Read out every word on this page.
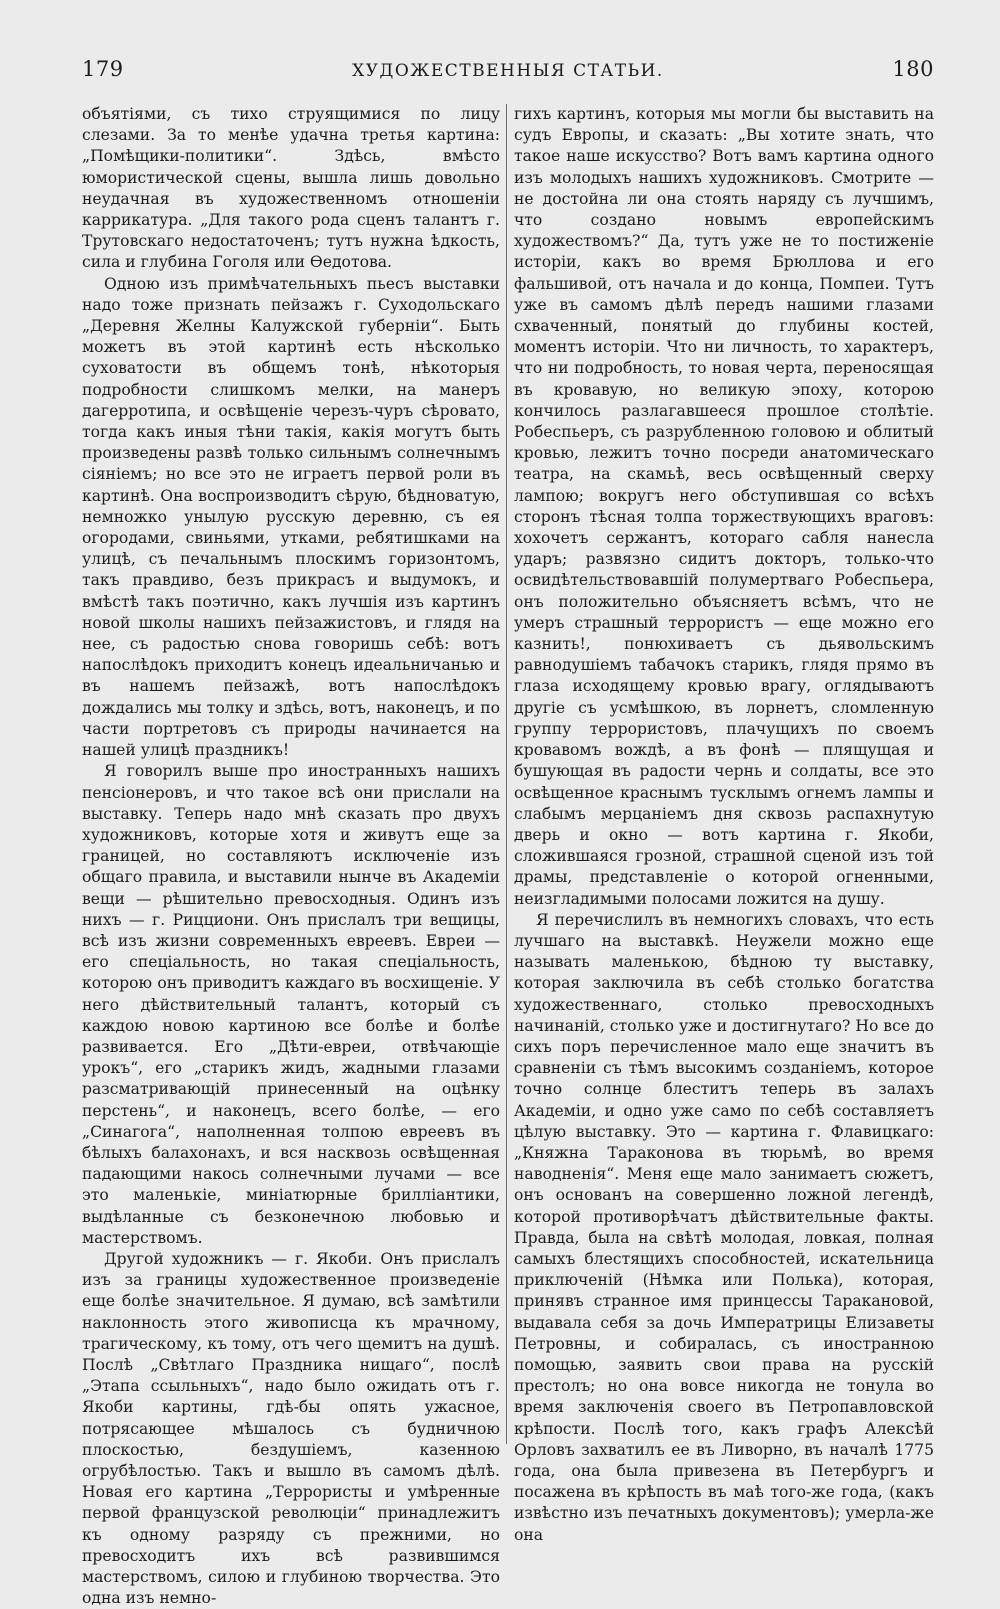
179	ХУДОЖЕСТВЕННЫЯ СТАТЬИ.	180

объятіями, съ тихо струящимися по лицу слезами. За то менѣе удачна третья картина: „Помѣщики-политики“. Здѣсь, вмѣсто юмористической сцены, вышла лишь довольно неудачная въ художественномъ отношеніи каррикатура. „Для такого рода сценъ талантъ г. Трутовскаго недостаточенъ; тутъ нужна ѣдкость, сила и глубина Гоголя или Ѳедотова.

Одною изъ примѣчательныхъ пьесъ выставки надо тоже признать пейзажъ г. Суходольскаго „Деревня Желны Калужской губерніи“. Быть можетъ въ этой картинѣ есть нѣсколько суховатости въ общемъ тонѣ, нѣкоторыя подробности слишкомъ мелки, на манеръ дагерротипа, и освѣщеніе черезъ-чуръ сѣровато, тогда какъ иныя тѣни такія, какія могутъ быть произведены развѣ только сильнымъ солнечнымъ сіяніемъ; но все это не играетъ первой роли въ картинѣ. Она воспроизводитъ сѣрую, бѣдноватую, немножко унылую русскую деревню, съ ея огородами, свиньями, утками, ребятишками на улицѣ, съ печальнымъ плоскимъ горизонтомъ, такъ правдиво, безъ прикрасъ и выдумокъ, и вмѣстѣ такъ поэтично, какъ лучшія изъ картинъ новой школы нашихъ пейзажистовъ, и глядя на нее, съ радостью снова говоришь себѣ: вотъ напослѣдокъ приходитъ конецъ идеальничанью и въ нашемъ пейзажѣ, вотъ напослѣдокъ дождались мы толку и здѣсь, вотъ, наконецъ, и по части портретовъ съ природы начинается на нашей улицѣ праздникъ!

Я говорилъ выше про иностранныхъ нашихъ пенсіонеровъ, и что такое всѣ они прислали на выставку. Теперь надо мнѣ сказать про двухъ художниковъ, которые хотя и живутъ еще за границей, но составляютъ исключеніе изъ общаго правила, и выставили нынче въ Академіи вещи — рѣшительно превосходныя. Одинъ изъ нихъ — г. Рицциони. Онъ прислалъ три вещицы, всѣ изъ жизни современныхъ евреевъ. Евреи — его спеціальность, но такая спеціальность, которою онъ приводитъ каждаго въ восхищеніе. У него дѣйствительный талантъ, который съ каждою новою картиною все болѣе и болѣе развивается. Его „Дѣти-евреи, отвѣчающіе урокъ“, его „старикъ жидъ, жадными глазами разсматривающій принесенный на оцѣнку перстень“, и наконецъ, всего болѣе, — его „Синагога“, наполненная толпою евреевъ въ бѣлыхъ балахонахъ, и вся насквозь освѣщенная падающими накось солнечными лучами — все это маленькіе, миніатюрные брилліантики, выдѣланные съ безконечною любовью и мастерствомъ.

Другой художникъ — г. Якоби. Онъ прислалъ изъ за границы художественное произведеніе еще болѣе значительное. Я думаю, всѣ замѣтили наклонность этого живописца къ мрачному, трагическому, къ тому, отъ чего щемитъ на душѣ. Послѣ „Свѣтлаго Праздника нищаго“, послѣ „Этапа ссыльныхъ“, надо было ожидать отъ г. Якоби картины, гдѣ-бы опять ужасное, потрясающее мѣшалось съ будничною плоскостью, бездушіемъ, казенною огрубѣлостью. Такъ и вышло въ самомъ дѣлѣ. Новая его картина „Террористы и умѣренные первой французской революціи“ принадлежитъ къ одному разряду съ прежними, но превосходитъ ихъ всѣ развившимся мастерствомъ, силою и глубиною творчества. Это одна изъ немно-

гихъ картинъ, которыя мы могли бы выставить на судъ Европы, и сказать: „Вы хотите знать, что такое наше искусство? Вотъ вамъ картина одного изъ молодыхъ нашихъ художниковъ. Смотрите — не достойна ли она стоять наряду съ лучшимъ, что создано новымъ европейскимъ художествомъ?“ Да, тутъ уже не то постиженіе исторіи, какъ во время Брюллова и его фальшивой, отъ начала и до конца, Помпеи. Тутъ уже въ самомъ дѣлѣ передъ нашими глазами схваченный, понятый до глубины костей, моментъ исторіи. Что ни личность, то характеръ, что ни подробность, то новая черта, переносящая въ кровавую, но великую эпоху, которою кончилось разлагавшееся прошлое столѣтіе. Робеспьеръ, съ разрубленною головою и облитый кровью, лежитъ точно посреди анатомическаго театра, на скамьѣ, весь освѣщенный сверху лампою; вокругъ него обступившая со всѣхъ сторонъ тѣсная толпа торжествующихъ враговъ: хохочетъ сержантъ, котораго сабля нанесла ударъ; развязно сидитъ докторъ, только-что освидѣтельствовавшій полумертваго Робеспьера, онъ положительно объясняетъ всѣмъ, что не умеръ страшный террористъ — еще можно его казнить!, понюхиваетъ съ дьявольскимъ равнодушіемъ табачокъ старикъ, глядя прямо въ глаза исходящему кровью врагу, оглядываютъ другіе съ усмѣшкою, въ лорнетъ, сломленную группу террористовъ, плачущихъ по своемъ кровавомъ вождѣ, а въ фонѣ — плящущая и бушующая въ радости чернь и солдаты, все это освѣщенное краснымъ тусклымъ огнемъ лампы и слабымъ мерцаніемъ дня сквозь распахнутую дверь и окно — вотъ картина г. Якоби, сложившаяся грозной, страшной сценой изъ той драмы, представленіе о которой огненными, неизгладимыми полосами ложится на душу.

Я перечислилъ въ немногихъ словахъ, что есть лучшаго на выставкѣ. Неужели можно еще называть маленькою, бѣдною ту выставку, которая заключила въ себѣ столько богатства художественнаго, столько превосходныхъ начинаній, столько уже и достигнутаго? Но все до сихъ поръ перечисленное мало еще значитъ въ сравненіи съ тѣмъ высокимъ созданіемъ, которое точно солнце блеститъ теперь въ залахъ Академіи, и одно уже само по себѣ составляетъ цѣлую выставку. Это — картина г. Флавицкаго: „Княжна Тараконова въ тюрьмѣ, во время наводненія“. Меня еще мало занимаетъ сюжетъ, онъ основанъ на совершенно ложной легендѣ, которой противорѣчатъ дѣйствительные факты. Правда, была на свѣтѣ молодая, ловкая, полная самыхъ блестящихъ способностей, искательница приключеній (Нѣмка или Полька), которая, принявъ странное имя принцессы Таракановой, выдавала себя за дочь Императрицы Елизаветы Петровны, и собиралась, съ иностранною помощью, заявить свои права на русскій престолъ; но она вовсе никогда не тонула во время заключенія своего въ Петропавловской крѣпости. Послѣ того, какъ графъ Алексѣй Орловъ захватилъ ее въ Ливорно, въ началѣ 1775 года, она была привезена въ Петербургъ и посажена въ крѣпость въ маѣ того-же года, (какъ извѣстно изъ печатныхъ документовъ); умерла-же она
